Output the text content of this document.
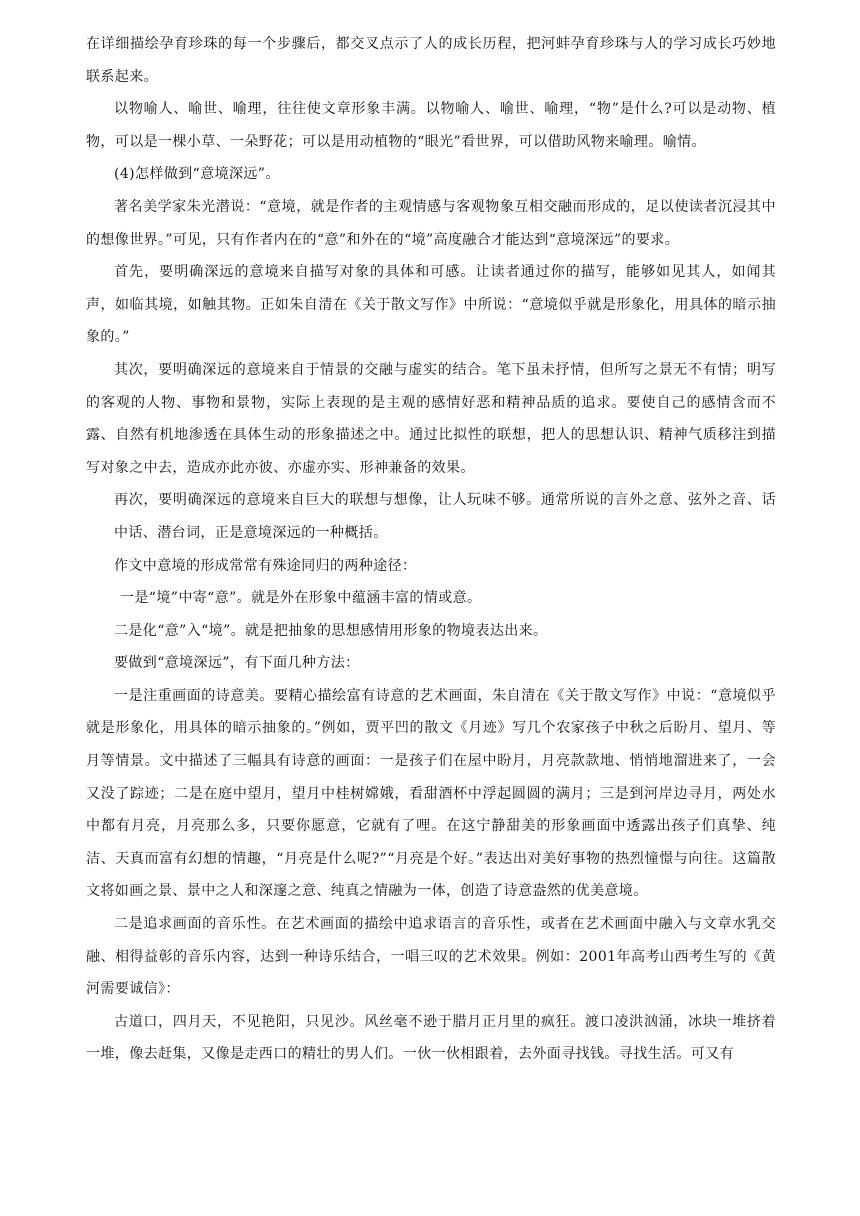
在详细描绘孕育珍珠的每一个步骤后，都交叉点示了人的成长历程，把河蚌孕育珍珠与人的学习成长巧妙地联系起来。

以物喻人、喻世、喻理，往往使文章形象丰满。以物喻人、喻世、喻理，“物”是什么?可以是动物、植物，可以是一棵小草、一朵野花；可以是用动植物的“眼光”看世界，可以借助风物来喻理。喻情。

(4)怎样做到“意境深远”。

著名美学家朱光潜说：“意境，就是作者的主观情感与客观物象互相交融而形成的，足以使读者沉浸其中的想像世界。”可见，只有作者内在的“意”和外在的“境”高度融合才能达到“意境深远”的要求。

首先，要明确深远的意境来自描写对象的具体和可感。让读者通过你的描写，能够如见其人，如闻其声，如临其境，如触其物。正如朱自清在《关于散文写作》中所说：“意境似乎就是形象化，用具体的暗示抽象的。”

其次，要明确深远的意境来自于情景的交融与虚实的结合。笔下虽未抒情，但所写之景无不有情；明写的客观的人物、事物和景物，实际上表现的是主观的感情好恶和精神品质的追求。要使自己的感情含而不露、自然有机地渗透在具体生动的形象描述之中。通过比拟性的联想，把人的思想认识、精神气质移注到描写对象之中去，造成亦此亦彼、亦虚亦实、形神兼备的效果。

再次，要明确深远的意境来自巨大的联想与想像，让人玩味不够。通常所说的言外之意、弦外之音、话中话、潜台词，正是意境深远的一种概括。

作文中意境的形成常常有殊途同归的两种途径：

一是“境”中寄“意”。就是外在形象中蕴涵丰富的情或意。

二是化“意”入“境”。就是把抽象的思想感情用形象的物境表达出来。

要做到“意境深远”，有下面几种方法：

一是注重画面的诗意美。要精心描绘富有诗意的艺术画面，朱自清在《关于散文写作》中说：“意境似乎就是形象化，用具体的暗示抽象的。”例如，贾平凹的散文《月迹》写几个农家孩子中秋之后盼月、望月、等月等情景。文中描述了三幅具有诗意的画面：一是孩子们在屋中盼月，月亮款款地、悄悄地溜进来了，一会又没了踪迹；二是在庭中望月，望月中桂树嫦娥，看甜酒杯中浮起圆圆的满月；三是到河岸边寻月，两处水中都有月亮，月亮那么多，只要你愿意，它就有了哩。在这宁静甜美的形象画面中透露出孩子们真挚、纯洁、天真而富有幻想的情趣，“月亮是什么呢?”“月亮是个好。”表达出对美好事物的热烈憧憬与向往。这篇散文将如画之景、景中之人和深邃之意、纯真之情融为一体，创造了诗意盎然的优美意境。

二是追求画面的音乐性。在艺术画面的描绘中追求语言的音乐性，或者在艺术画面中融入与文章水乳交融、相得益彰的音乐内容，达到一种诗乐结合，一唱三叹的艺术效果。例如：2001年高考山西考生写的《黄河需要诚信》：

古道口，四月天，不见艳阳，只见沙。风丝毫不逊于腊月正月里的疯狂。渡口凌洪汹涌，冰块一堆挤着一堆，像去赶集，又像是走西口的精壮的男人们。一伙一伙相跟着，去外面寻找钱。寻找生活。可又有
